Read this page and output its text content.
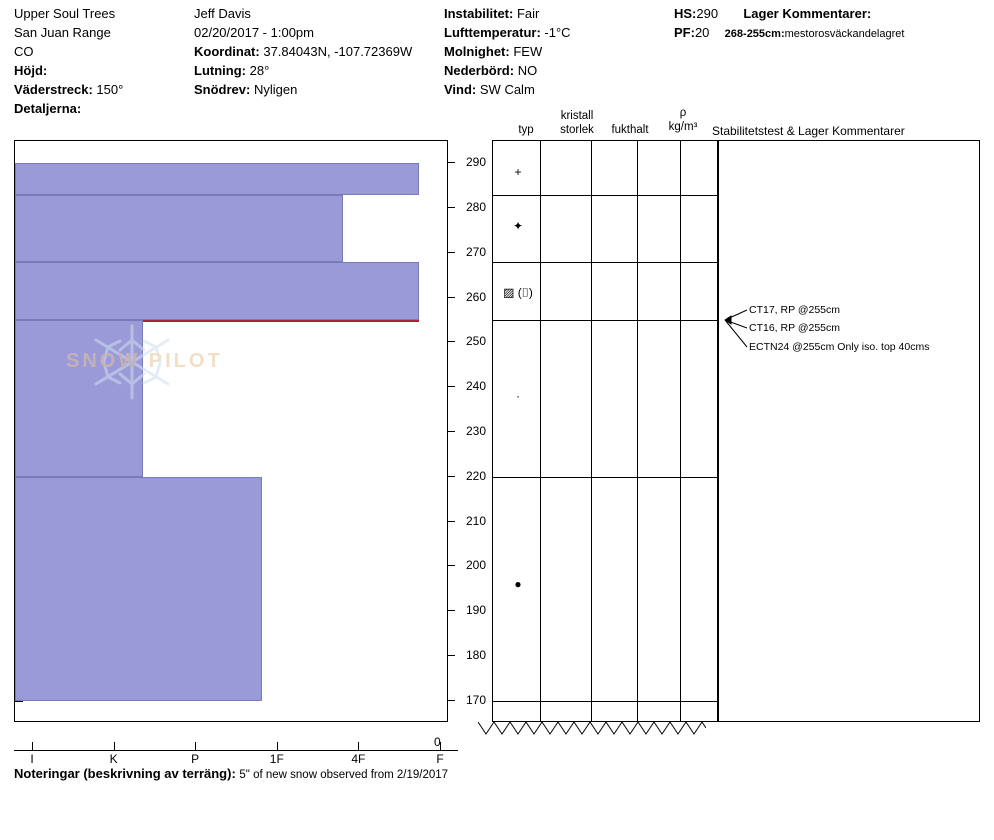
Upper Soul Trees
San Juan Range
CO
Höjd:
Väderstreck: 150°
Detaljerna:
Jeff Davis
02/20/2017 - 1:00pm
Koordinat: 37.84043N, -107.72369W
Lutning: 28°
Snödrev: Nyligen
Instabilitet: Fair
Lufttemperatur: -1°C
Molnighet: FEW
Nederbörd: NO
Vind: SW Calm
HS:290 Lager Kommentarer:
PF:20 268-255cm:mestorosväckandelagret
typ
kristall
storlek	fukthalt
ρ
kg/m³	Stabilitetstest & Lager Kommentarer
170
180
190
200
210
220
230
240
250
260
270
280
290
+
✦
▨ (⌷)
·
●
CT17, RP @255cm
CT16, RP @255cm
ECTN24 @255cm Only iso. top 40cms
SNOW PILOT
0
I	K	P	1F	4F	F
Noteringar (beskrivning av terräng): 5" of new snow observed from 2/19/2017
